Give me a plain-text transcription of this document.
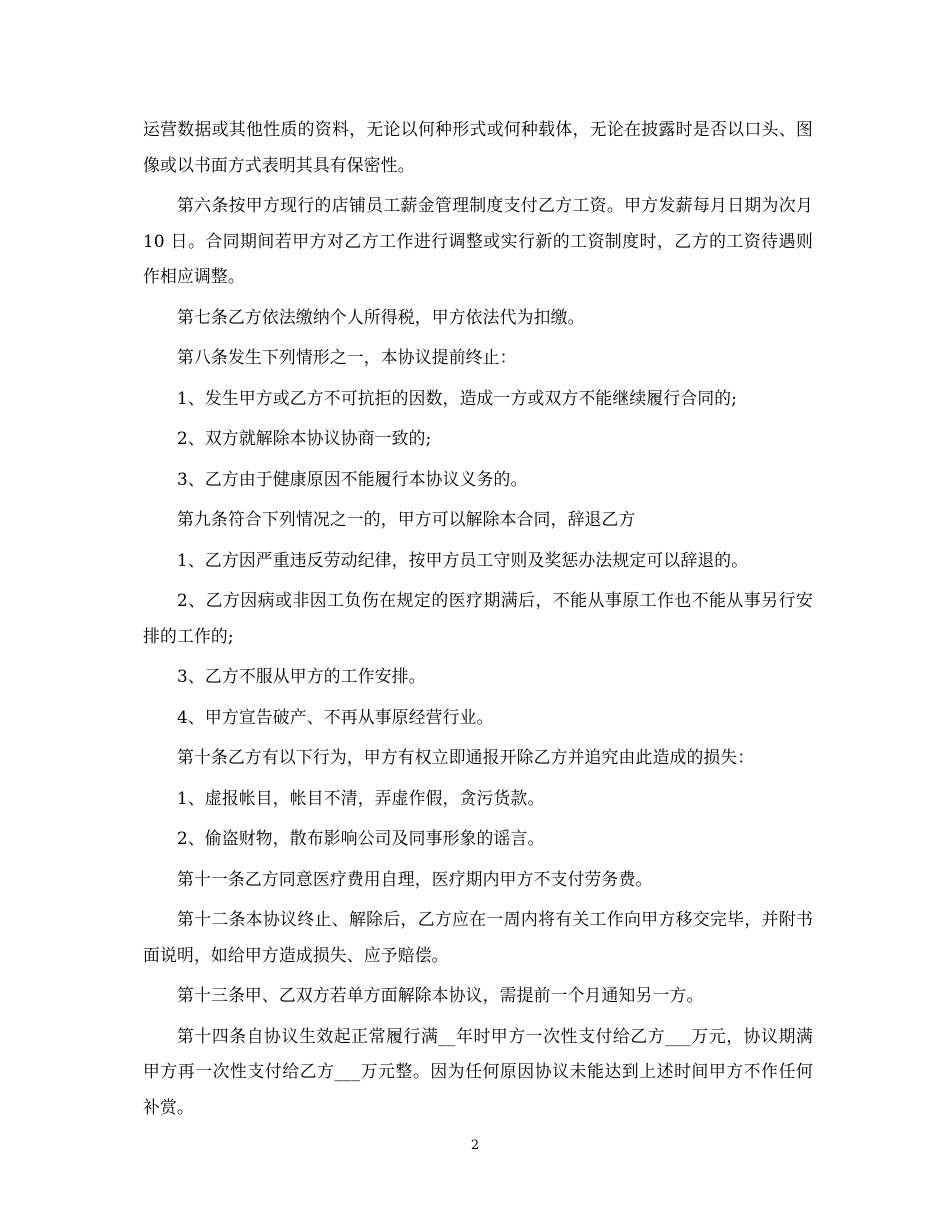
运营数据或其他性质的资料，无论以何种形式或何种载体，无论在披露时是否以口头、图像或以书面方式表明其具有保密性。

第六条按甲方现行的店铺员工薪金管理制度支付乙方工资。甲方发薪每月日期为次月 10 日。合同期间若甲方对乙方工作进行调整或实行新的工资制度时，乙方的工资待遇则作相应调整。

第七条乙方依法缴纳个人所得税，甲方依法代为扣缴。

第八条发生下列情形之一，本协议提前终止：

1、发生甲方或乙方不可抗拒的因数，造成一方或双方不能继续履行合同的;

2、双方就解除本协议协商一致的;

3、乙方由于健康原因不能履行本协议义务的。

第九条符合下列情况之一的，甲方可以解除本合同，辞退乙方

1、乙方因严重违反劳动纪律，按甲方员工守则及奖惩办法规定可以辞退的。

2、乙方因病或非因工负伤在规定的医疗期满后，不能从事原工作也不能从事另行安排的工作的;

3、乙方不服从甲方的工作安排。

4、甲方宣告破产、不再从事原经营行业。

第十条乙方有以下行为，甲方有权立即通报开除乙方并追究由此造成的损失：

1、虚报帐目，帐目不清，弄虚作假，贪污货款。

2、偷盗财物，散布影响公司及同事形象的谣言。

第十一条乙方同意医疗费用自理，医疗期内甲方不支付劳务费。

第十二条本协议终止、解除后，乙方应在一周内将有关工作向甲方移交完毕，并附书面说明，如给甲方造成损失、应予赔偿。

第十三条甲、乙双方若单方面解除本协议，需提前一个月通知另一方。

第十四条自协议生效起正常履行满__年时甲方一次性支付给乙方___万元，协议期满甲方再一次性支付给乙方___万元整。因为任何原因协议未能达到上述时间甲方不作任何补赏。

2
